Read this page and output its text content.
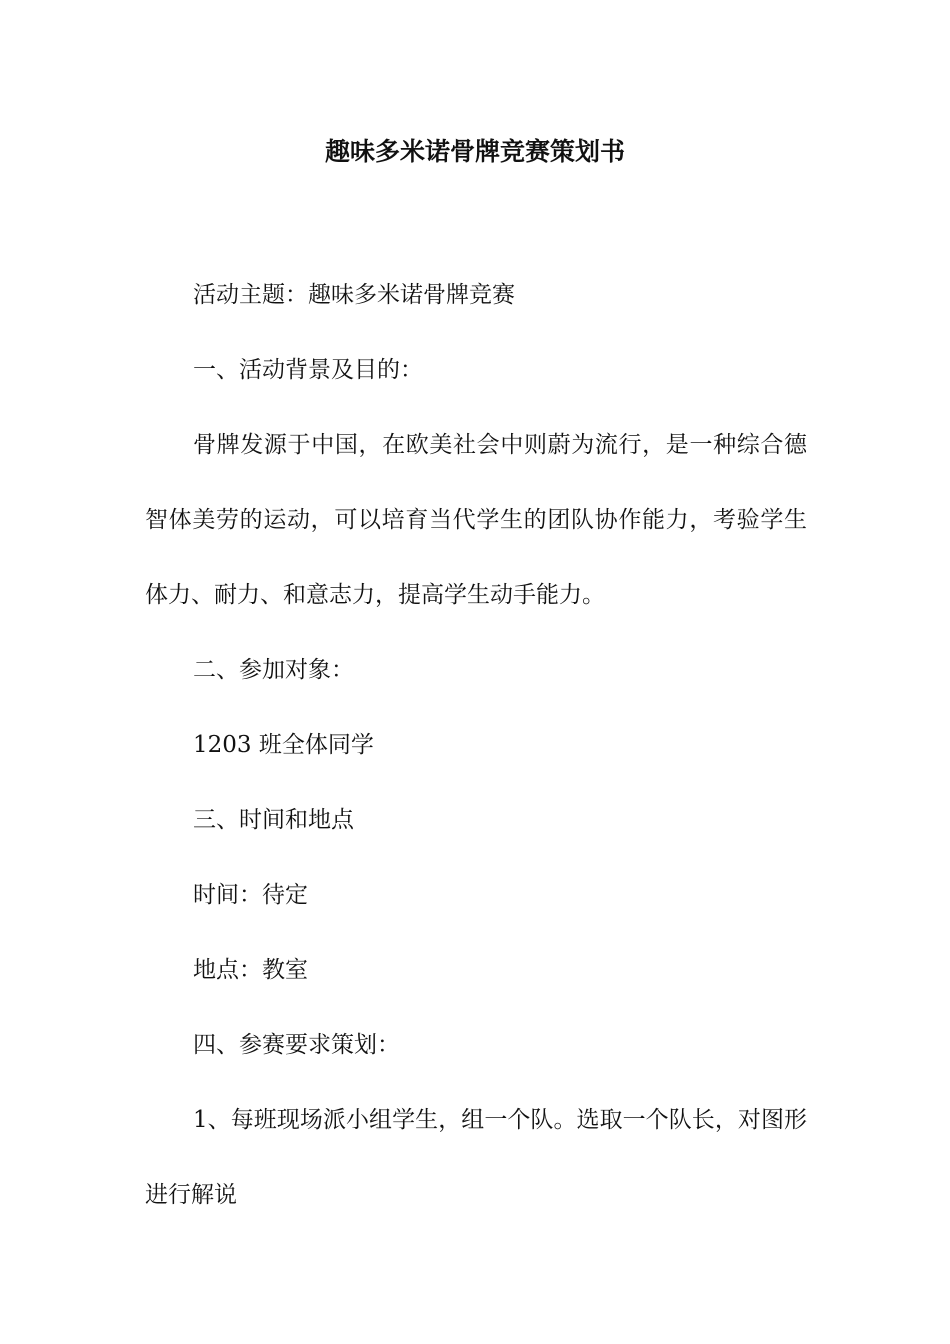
趣味多米诺骨牌竞赛策划书

活动主题：趣味多米诺骨牌竞赛

一、活动背景及目的：

骨牌发源于中国，在欧美社会中则蔚为流行，是一种综合德智体美劳的运动，可以培育当代学生的团队协作能力，考验学生体力、耐力、和意志力，提高学生动手能力。

二、参加对象：

1203 班全体同学

三、时间和地点

时间：待定

地点：教室

四、参赛要求策划：

1、每班现场派小组学生，组一个队。选取一个队长，对图形进行解说
